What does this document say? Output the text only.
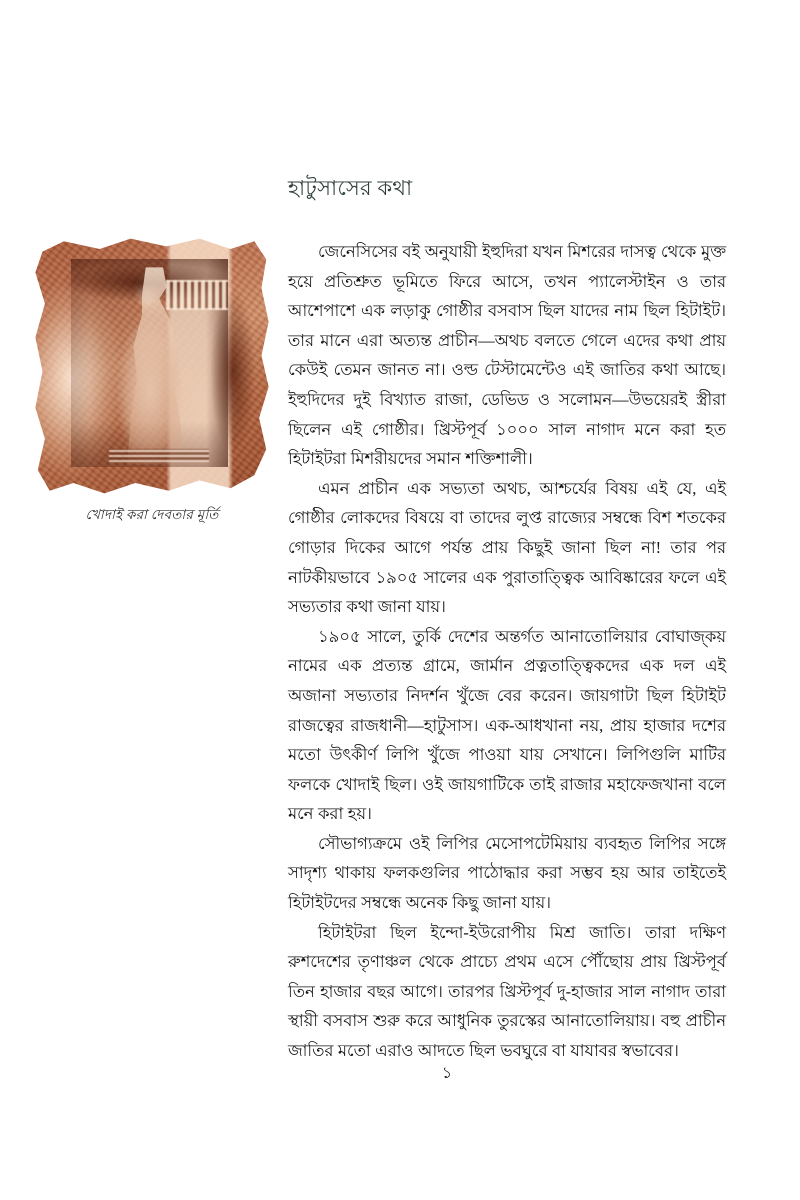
খোদাই করা দেবতার মূর্তি
হাটুসাসের কথা

জেনেসিসের বই অনুযায়ী ইহুদিরা যখন মিশরের দাসত্ব থেকে মুক্ত হয়ে প্রতিশ্রুত ভূমিতে ফিরে আসে, তখন প্যালেস্টাইন ও তার আশেপাশে এক লড়াকু গোষ্ঠীর বসবাস ছিল যাদের নাম ছিল হিটাইট। তার মানে এরা অত্যন্ত প্রাচীন—অথচ বলতে গেলে এদের কথা প্রায় কেউই তেমন জানত না। ওল্ড টেস্টামেন্টেও এই জাতির কথা আছে। ইহুদিদের দুই বিখ্যাত রাজা, ডেভিড ও সলোমন—উভয়েরই স্ত্রীরা ছিলেন এই গোষ্ঠীর। খ্রিস্টপূর্ব ১০০০ সাল নাগাদ মনে করা হত হিটাইটরা মিশরীয়দের সমান শক্তিশালী।

এমন প্রাচীন এক সভ্যতা অথচ, আশ্চর্যের বিষয় এই যে, এই গোষ্ঠীর লোকদের বিষয়ে বা তাদের লুপ্ত রাজ্যের সম্বন্ধে বিশ শতকের গোড়ার দিকের আগে পর্যন্ত প্রায় কিছুই জানা ছিল না! তার পর নাটকীয়ভাবে ১৯০৫ সালের এক পুরাতাত্ত্বিক আবিষ্কারের ফলে এই সভ্যতার কথা জানা যায়।

১৯০৫ সালে, তুর্কি দেশের অন্তর্গত আনাতোলিয়ার বোঘাজ্কয় নামের এক প্রত্যন্ত গ্রামে, জার্মান প্রত্নতাত্ত্বিকদের এক দল এই অজানা সভ্যতার নিদর্শন খুঁজে বের করেন। জায়গাটা ছিল হিটাইট রাজত্বের রাজধানী—হাটুসাস। এক-আধখানা নয়, প্রায় হাজার দশের মতো উৎকীর্ণ লিপি খুঁজে পাওয়া যায় সেখানে। লিপিগুলি মাটির ফলকে খোদাই ছিল। ওই জায়গাটিকে তাই রাজার মহাফেজখানা বলে মনে করা হয়।

সৌভাগ্যক্রমে ওই লিপির মেসোপটেমিয়ায় ব্যবহৃত লিপির সঙ্গে সাদৃশ্য থাকায় ফলকগুলির পাঠোদ্ধার করা সম্ভব হয় আর তাইতেই হিটাইটদের সম্বন্ধে অনেক কিছু জানা যায়।

হিটাইটরা ছিল ইন্দো-ইউরোপীয় মিশ্র জাতি। তারা দক্ষিণ রুশদেশের তৃণাঞ্চল থেকে প্রাচ্যে প্রথম এসে পৌঁছোয় প্রায় খ্রিস্টপূর্ব তিন হাজার বছর আগে। তারপর খ্রিস্টপূর্ব দু-হাজার সাল নাগাদ তারা স্থায়ী বসবাস শুরু করে আধুনিক তুরস্কের আনাতোলিয়ায়। বহু প্রাচীন জাতির মতো এরাও আদতে ছিল ভবঘুরে বা যাযাবর স্বভাবের।

১
